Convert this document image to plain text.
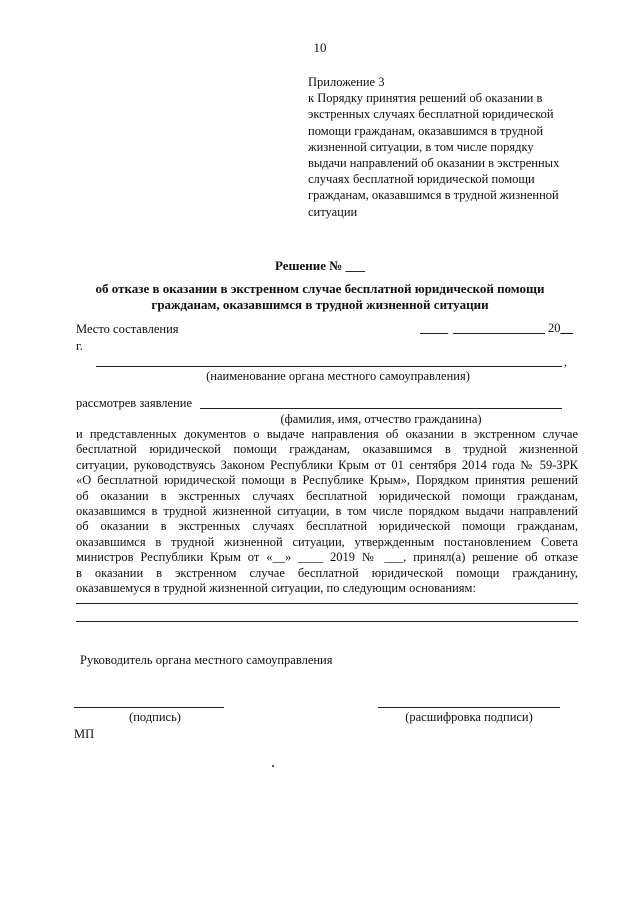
10
Приложение 3
к Порядку принятия решений об оказании в
экстренных случаях бесплатной юридической
помощи гражданам, оказавшимся в трудной
жизненной ситуации, в том числе порядку
выдачи направлений об оказании в экстренных
случаях бесплатной юридической помощи
гражданам, оказавшимся в трудной жизненной
ситуации
Решение № ___
об отказе в оказании в экстренном случае бесплатной юридической помощи
гражданам, оказавшимся в трудной жизненной ситуации
Место составления
г.
20__
,
(наименование органа местного самоуправления)
рассмотрев заявление
(фамилия, имя, отчество гражданина)
и представленных документов о выдаче направления об оказании в экстренном случае
бесплатной юридической помощи гражданам, оказавшимся в трудной жизненной
ситуации, руководствуясь Законом Республики Крым от 01 сентября 2014 года № 59-ЗРК
«О бесплатной юридической помощи в Республике Крым», Порядком принятия решений
об оказании в экстренных случаях бесплатной юридической помощи гражданам,
оказавшимся в трудной жизненной ситуации, в том числе порядком выдачи направлений
об оказании в экстренных случаях бесплатной юридической помощи гражданам,
оказавшимся в трудной жизненной ситуации, утвержденным постановлением Совета
министров Республики Крым от «__» ____ 2019 № ___, принял(а) решение об отказе
в оказании в экстренном случае бесплатной юридической помощи гражданину,
оказавшемуся в трудной жизненной ситуации, по следующим основаниям:
Руководитель органа местного самоуправления
(подпись)	(расшифровка подписи)
МП
